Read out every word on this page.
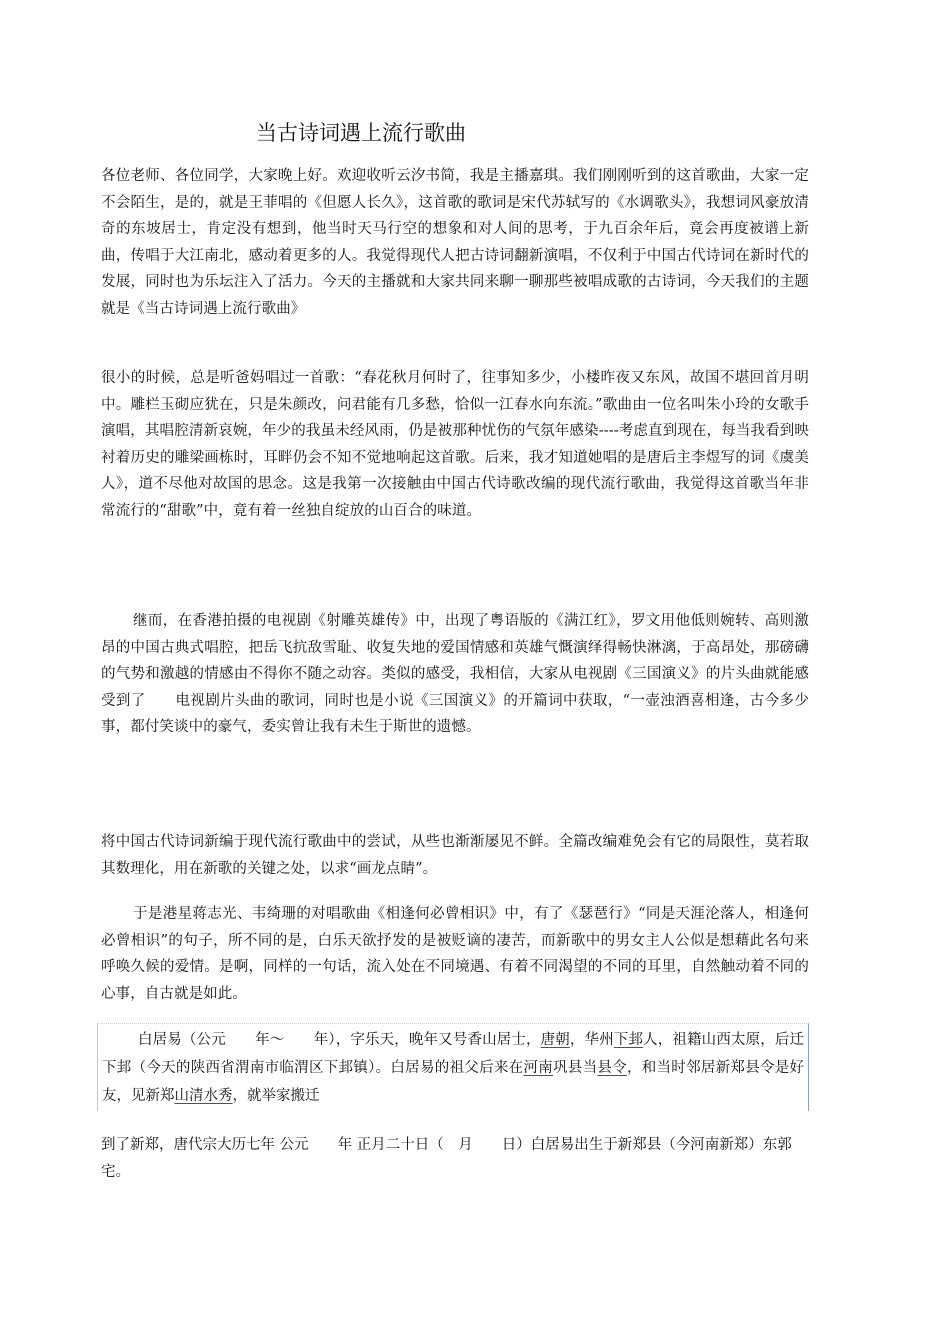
当古诗词遇上流行歌曲

各位老师、各位同学，大家晚上好。欢迎收听云汐书简，我是主播嘉琪。我们刚刚听到的这首歌曲，大家一定不会陌生，是的，就是王菲唱的《但愿人长久》，这首歌的歌词是宋代苏轼写的《水调歌头》，我想词风豪放清奇的东坡居士，肯定没有想到，他当时天马行空的想象和对人间的思考，于九百余年后，竟会再度被谱上新曲，传唱于大江南北，感动着更多的人。我觉得现代人把古诗词翻新演唱，不仅利于中国古代诗词在新时代的发展，同时也为乐坛注入了活力。今天的主播就和大家共同来聊一聊那些被唱成歌的古诗词，今天我们的主题就是《当古诗词遇上流行歌曲》

很小的时候，总是听爸妈唱过一首歌：“春花秋月何时了，往事知多少，小楼昨夜又东风，故国不堪回首月明中。雕栏玉砌应犹在，只是朱颜改，问君能有几多愁，恰似一江春水向东流。”歌曲由一位名叫朱小玲的女歌手演唱，其唱腔清新哀婉，年少的我虽未经风雨，仍是被那种忧伤的气氛年感染----考虑直到现在，每当我看到映衬着历史的雕梁画栋时，耳畔仍会不知不觉地响起这首歌。后来，我才知道她唱的是唐后主李煜写的词《虞美人》，道不尽他对故国的思念。这是我第一次接触由中国古代诗歌改编的现代流行歌曲，我觉得这首歌当年非常流行的“甜歌”中，竟有着一丝独自绽放的山百合的味道。

继而，在香港拍摄的电视剧《射雕英雄传》中，出现了粤语版的《满江红》，罗文用他低则婉转、高则激昂的中国古典式唱腔，把岳飞抗敌雪耻、收复失地的爱国情感和英雄气慨演绎得畅快淋漓，于高昂处，那磅礴的气势和激越的情感由不得你不随之动容。类似的感受，我相信，大家从电视剧《三国演义》的片头曲就能感受到了　　电视剧片头曲的歌词，同时也是小说《三国演义》的开篇词中获取，“一壶浊酒喜相逢，古今多少事，都付笑谈中的豪气，委实曾让我有未生于斯世的遗憾。

将中国古代诗词新编于现代流行歌曲中的尝试，从些也渐渐屡见不鲜。全篇改编难免会有它的局限性，莫若取其数理化，用在新歌的关键之处，以求“画龙点睛”。

于是港星蒋志光、韦绮珊的对唱歌曲《相逢何必曾相识》中，有了《瑟琶行》“同是天涯沦落人，相逢何必曾相识”的句子，所不同的是，白乐天欲抒发的是被贬谪的凄苦，而新歌中的男女主人公似是想藉此名句来呼唤久候的爱情。是啊，同样的一句话，流入处在不同境遇、有着不同渴望的不同的耳里，自然触动着不同的心事，自古就是如此。

白居易（公元　　年～　　年），字乐天，晚年又号香山居士，唐朝，华州下邽人，祖籍山西太原，后迁下邽（今天的陕西省渭南市临渭区下邽镇）。白居易的祖父后来在河南巩县当县令，和当时邻居新郑县令是好友，见新郑山清水秀，就举家搬迁

到了新郑，唐代宗大历七年 公元　　年 正月二十日（　月　　日）白居易出生于新郑县（今河南新郑）东郭宅。
